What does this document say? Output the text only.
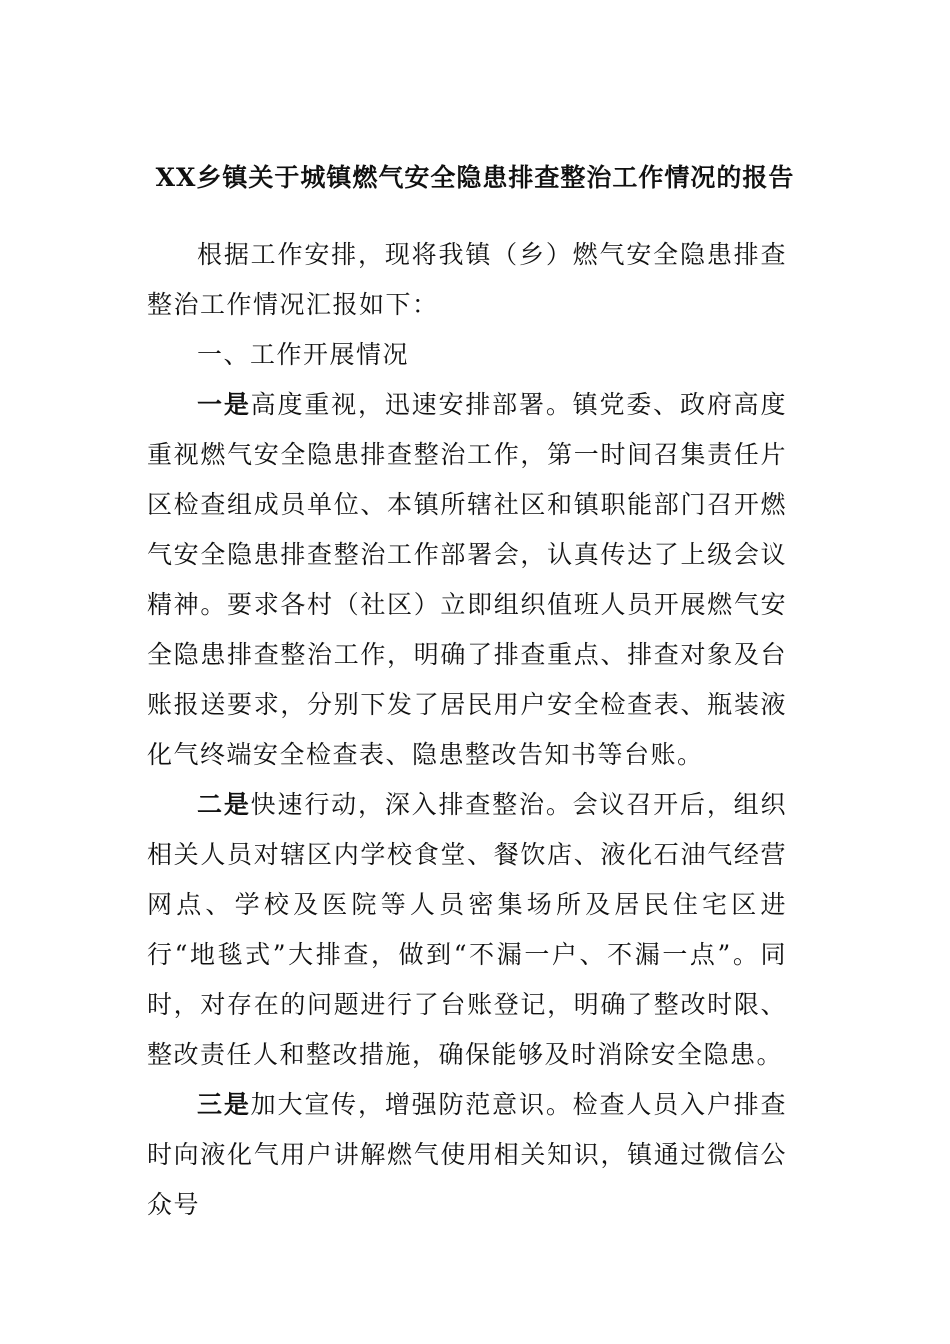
XX乡镇关于城镇燃气安全隐患排查整治工作情况的报告

根据工作安排，现将我镇（乡）燃气安全隐患排查整治工作情况汇报如下：

一、工作开展情况

一是高度重视，迅速安排部署。镇党委、政府高度重视燃气安全隐患排查整治工作，第一时间召集责任片区检查组成员单位、本镇所辖社区和镇职能部门召开燃气安全隐患排查整治工作部署会，认真传达了上级会议精神。要求各村（社区）立即组织值班人员开展燃气安全隐患排查整治工作，明确了排查重点、排查对象及台账报送要求，分别下发了居民用户安全检查表、瓶装液化气终端安全检查表、隐患整改告知书等台账。

二是快速行动，深入排查整治。会议召开后，组织相关人员对辖区内学校食堂、餐饮店、液化石油气经营网点、学校及医院等人员密集场所及居民住宅区进行“地毯式”大排查，做到“不漏一户、不漏一点”。同时，对存在的问题进行了台账登记，明确了整改时限、整改责任人和整改措施，确保能够及时消除安全隐患。

三是加大宣传，增强防范意识。检查人员入户排查时向液化气用户讲解燃气使用相关知识，镇通过微信公众号
